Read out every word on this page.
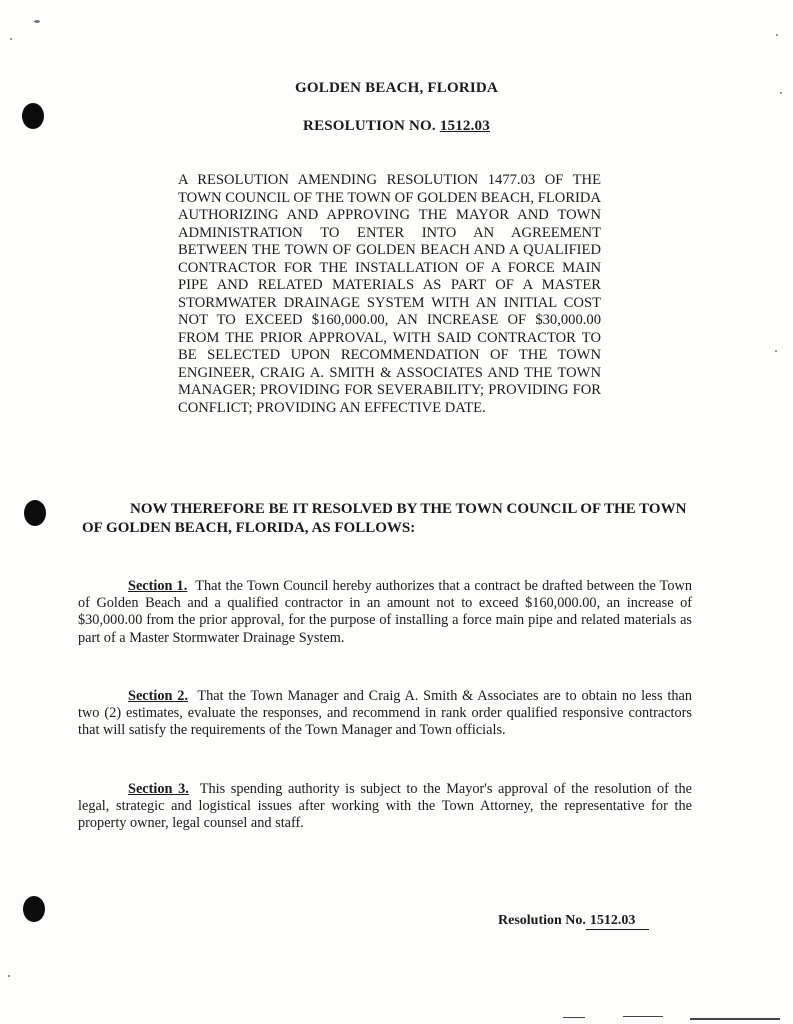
GOLDEN BEACH, FLORIDA
RESOLUTION NO. 1512.03
A RESOLUTION AMENDING RESOLUTION 1477.03 OF THE TOWN COUNCIL OF THE TOWN OF GOLDEN BEACH, FLORIDA AUTHORIZING AND APPROVING THE MAYOR AND TOWN ADMINISTRATION TO ENTER INTO AN AGREEMENT BETWEEN THE TOWN OF GOLDEN BEACH AND A QUALIFIED CONTRACTOR FOR THE INSTALLATION OF A FORCE MAIN PIPE AND RELATED MATERIALS AS PART OF A MASTER STORMWATER DRAINAGE SYSTEM WITH AN INITIAL COST NOT TO EXCEED $160,000.00, AN INCREASE OF $30,000.00 FROM THE PRIOR APPROVAL, WITH SAID CONTRACTOR TO BE SELECTED UPON RECOMMENDATION OF THE TOWN ENGINEER, CRAIG A. SMITH & ASSOCIATES AND THE TOWN MANAGER; PROVIDING FOR SEVERABILITY; PROVIDING FOR CONFLICT; PROVIDING AN EFFECTIVE DATE.
NOW THEREFORE BE IT RESOLVED BY THE TOWN COUNCIL OF THE TOWN OF GOLDEN BEACH, FLORIDA, AS FOLLOWS:
Section 1. That the Town Council hereby authorizes that a contract be drafted between the Town of Golden Beach and a qualified contractor in an amount not to exceed $160,000.00, an increase of $30,000.00 from the prior approval, for the purpose of installing a force main pipe and related materials as part of a Master Stormwater Drainage System.
Section 2. That the Town Manager and Craig A. Smith & Associates are to obtain no less than two (2) estimates, evaluate the responses, and recommend in rank order qualified responsive contractors that will satisfy the requirements of the Town Manager and Town officials.
Section 3. This spending authority is subject to the Mayor's approval of the resolution of the legal, strategic and logistical issues after working with the Town Attorney, the representative for the property owner, legal counsel and staff.
Resolution No. 1512.03
